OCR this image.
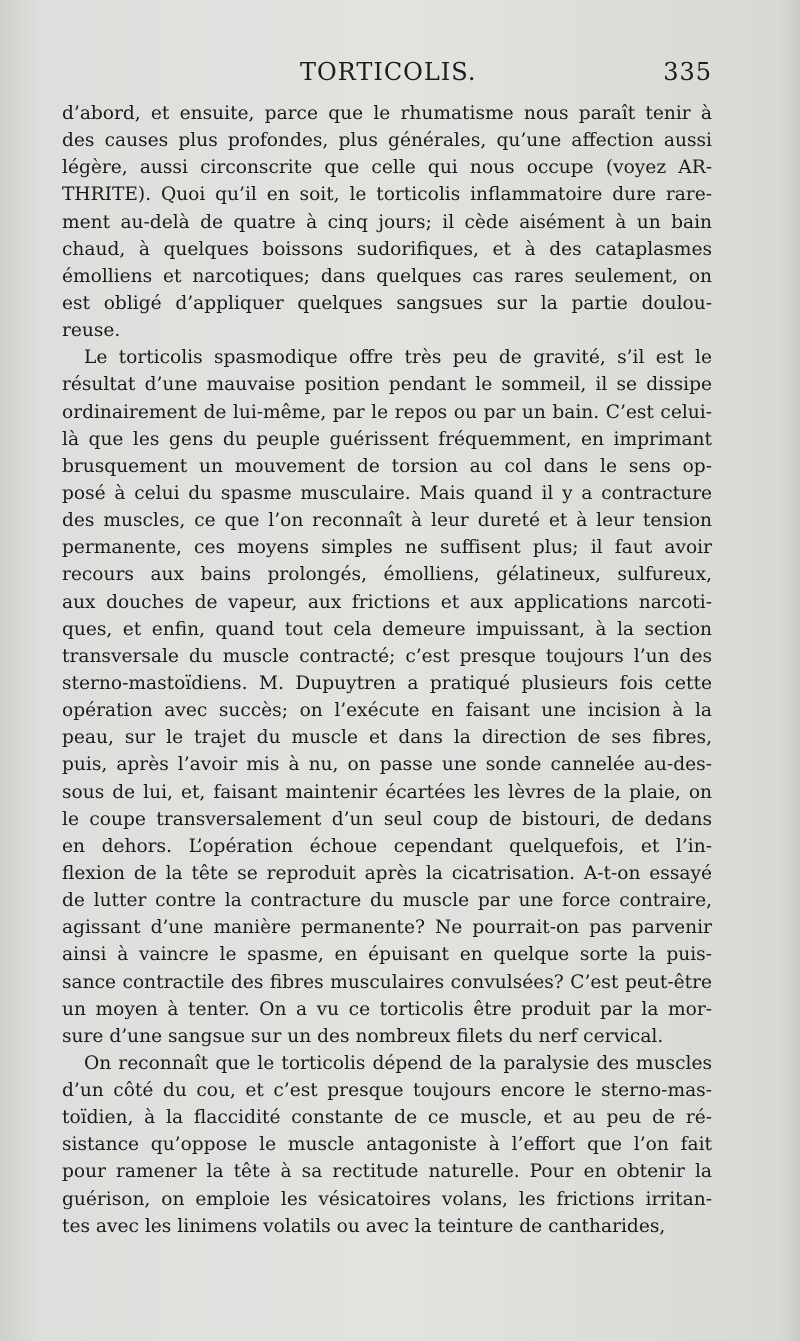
TORTICOLIS.	335
d’abord, et ensuite, parce que le rhumatisme nous paraît tenir à
des causes plus profondes, plus générales, qu’une affection aussi
légère, aussi circonscrite que celle qui nous occupe (voyez AR-
THRITE). Quoi qu’il en soit, le torticolis inflammatoire dure rare-
ment au-delà de quatre à cinq jours; il cède aisément à un bain
chaud, à quelques boissons sudorifiques, et à des cataplasmes
émolliens et narcotiques; dans quelques cas rares seulement, on
est obligé d’appliquer quelques sangsues sur la partie doulou-
reuse.
Le torticolis spasmodique offre très peu de gravité, s’il est le
résultat d’une mauvaise position pendant le sommeil, il se dissipe
ordinairement de lui-même, par le repos ou par un bain. C’est celui-
là que les gens du peuple guérissent fréquemment, en imprimant
brusquement un mouvement de torsion au col dans le sens op-
posé à celui du spasme musculaire. Mais quand il y a contracture
des muscles, ce que l’on reconnaît à leur dureté et à leur tension
permanente, ces moyens simples ne suffisent plus; il faut avoir
recours aux bains prolongés, émolliens, gélatineux, sulfureux,
aux douches de vapeur, aux frictions et aux applications narcoti-
ques, et enfin, quand tout cela demeure impuissant, à la section
transversale du muscle contracté; c’est presque toujours l’un des
sterno-mastoïdiens. M. Dupuytren a pratiqué plusieurs fois cette
opération avec succès; on l’exécute en faisant une incision à la
peau, sur le trajet du muscle et dans la direction de ses fibres,
puis, après l’avoir mis à nu, on passe une sonde cannelée au-des-
sous de lui, et, faisant maintenir écartées les lèvres de la plaie, on
le coupe transversalement d’un seul coup de bistouri, de dedans
en dehors. L’opération échoue cependant quelquefois, et l’in-
flexion de la tête se reproduit après la cicatrisation. A-t-on essayé
de lutter contre la contracture du muscle par une force contraire,
agissant d’une manière permanente? Ne pourrait-on pas parvenir
ainsi à vaincre le spasme, en épuisant en quelque sorte la puis-
sance contractile des fibres musculaires convulsées? C’est peut-être
un moyen à tenter. On a vu ce torticolis être produit par la mor-
sure d’une sangsue sur un des nombreux filets du nerf cervical.
On reconnaît que le torticolis dépend de la paralysie des muscles
d’un côté du cou, et c’est presque toujours encore le sterno-mas-
toïdien, à la flaccidité constante de ce muscle, et au peu de ré-
sistance qu’oppose le muscle antagoniste à l’effort que l’on fait
pour ramener la tête à sa rectitude naturelle. Pour en obtenir la
guérison, on emploie les vésicatoires volans, les frictions irritan-
tes avec les linimens volatils ou avec la teinture de cantharides,
